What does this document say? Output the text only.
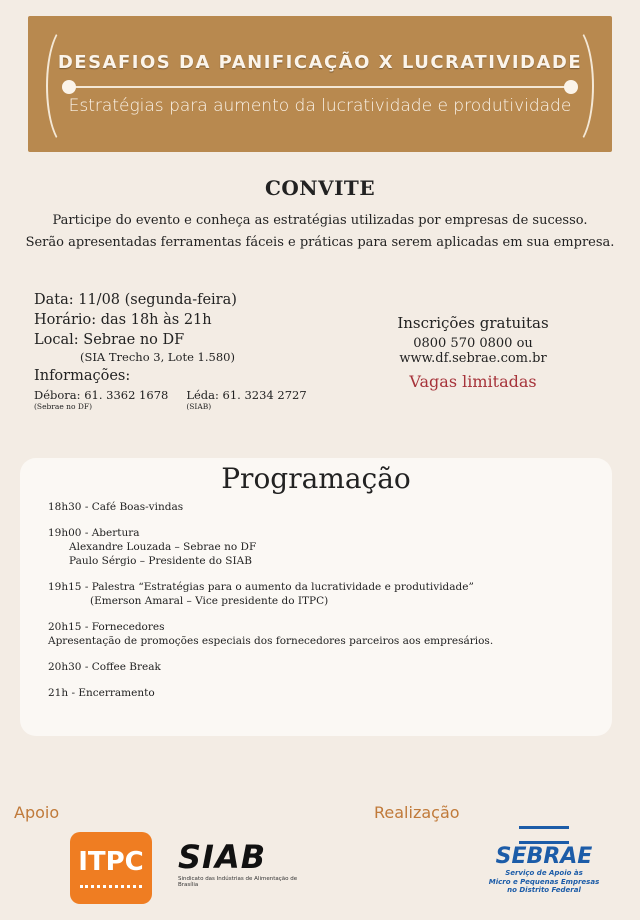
DESAFIOS DA PANIFICAÇÃO X LUCRATIVIDADE
Estratégias para aumento da lucratividade e produtividade
CONVITE
Participe do evento e conheça as estratégias utilizadas por empresas de sucesso.
Serão apresentadas ferramentas fáceis e práticas para serem aplicadas em sua empresa.
Data: 11/08 (segunda-feira)
Horário: das 18h às 21h
Local: Sebrae no DF
(SIA Trecho 3, Lote 1.580)
Informações:
Débora: 61. 3362 1678
(Sebrae no DF)
Léda: 61. 3234 2727
(SIAB)
Inscrições gratuitas
0800 570 0800 ou www.df.sebrae.com.br
Vagas limitadas
Programação
18h30 - Café Boas-vindas
19h00 - Abertura
Alexandre Louzada – Sebrae no DF
Paulo Sérgio – Presidente do SIAB
19h15 - Palestra “Estratégias para o aumento da lucratividade e produtividade”
(Emerson Amaral – Vice presidente do ITPC)
20h15 - Fornecedores
Apresentação de promoções especiais dos fornecedores parceiros aos empresários.
20h30 - Coffee Break
21h - Encerramento
Apoio	Realização
ITPC SIAB
Sindicato das Indústrias de Alimentação de Brasília
SEBRAE
Serviço de Apoio às
Micro e Pequenas Empresas
no Distrito Federal
